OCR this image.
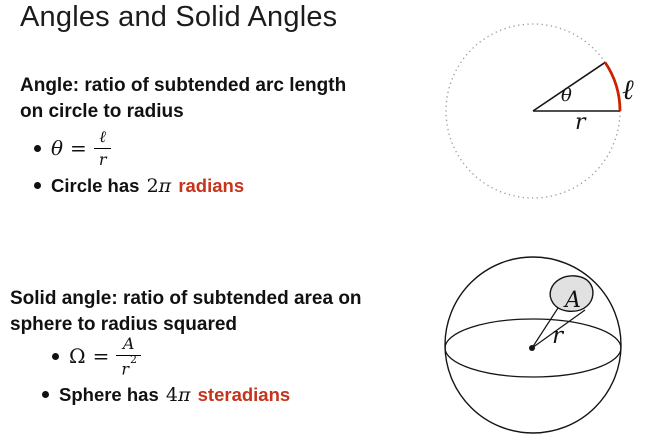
Angles and Solid Angles
Angle: ratio of subtended arc length
on circle to radius
$\theta = \frac{\text{ℓ}}{r}$
Circle has 2π radians
Solid angle: ratio of subtended area on
sphere to radius squared
$\Omega = \frac{A}{r^2}$
Sphere has 4π steradians
θ
r
ℓ
A
r
